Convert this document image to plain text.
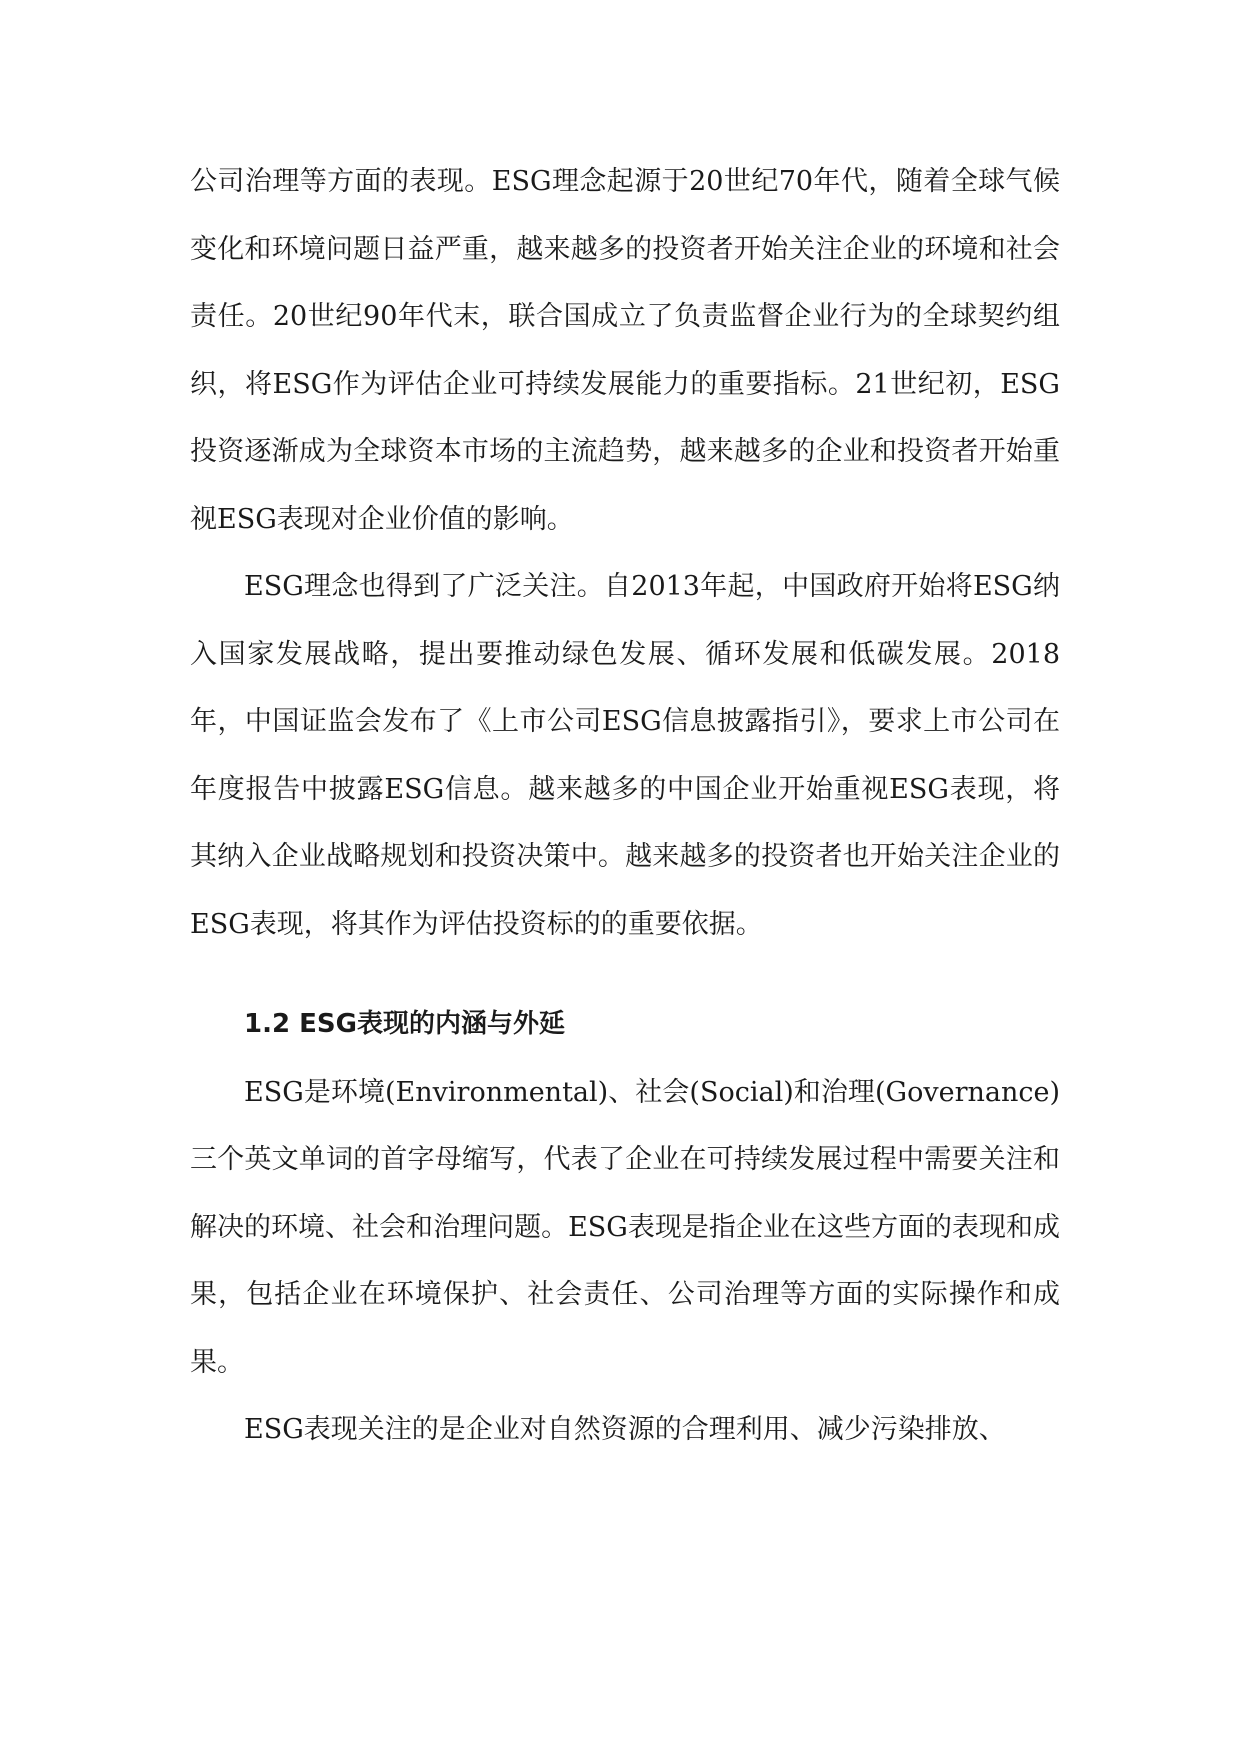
公司治理等方面的表现。ESG理念起源于20世纪70年代，随着全球气候变化和环境问题日益严重，越来越多的投资者开始关注企业的环境和社会责任。20世纪90年代末，联合国成立了负责监督企业行为的全球契约组织，将ESG作为评估企业可持续发展能力的重要指标。21世纪初，ESG投资逐渐成为全球资本市场的主流趋势，越来越多的企业和投资者开始重视ESG表现对企业价值的影响。

ESG理念也得到了广泛关注。自2013年起，中国政府开始将ESG纳入国家发展战略，提出要推动绿色发展、循环发展和低碳发展。2018年，中国证监会发布了《上市公司ESG信息披露指引》，要求上市公司在年度报告中披露ESG信息。越来越多的中国企业开始重视ESG表现，将其纳入企业战略规划和投资决策中。越来越多的投资者也开始关注企业的ESG表现，将其作为评估投资标的的重要依据。

1.2 ESG表现的内涵与外延

ESG是环境(Environmental)、社会(Social)和治理(Governance)三个英文单词的首字母缩写，代表了企业在可持续发展过程中需要关注和解决的环境、社会和治理问题。ESG表现是指企业在这些方面的表现和成果，包括企业在环境保护、社会责任、公司治理等方面的实际操作和成果。

ESG表现关注的是企业对自然资源的合理利用、减少污染排放、
